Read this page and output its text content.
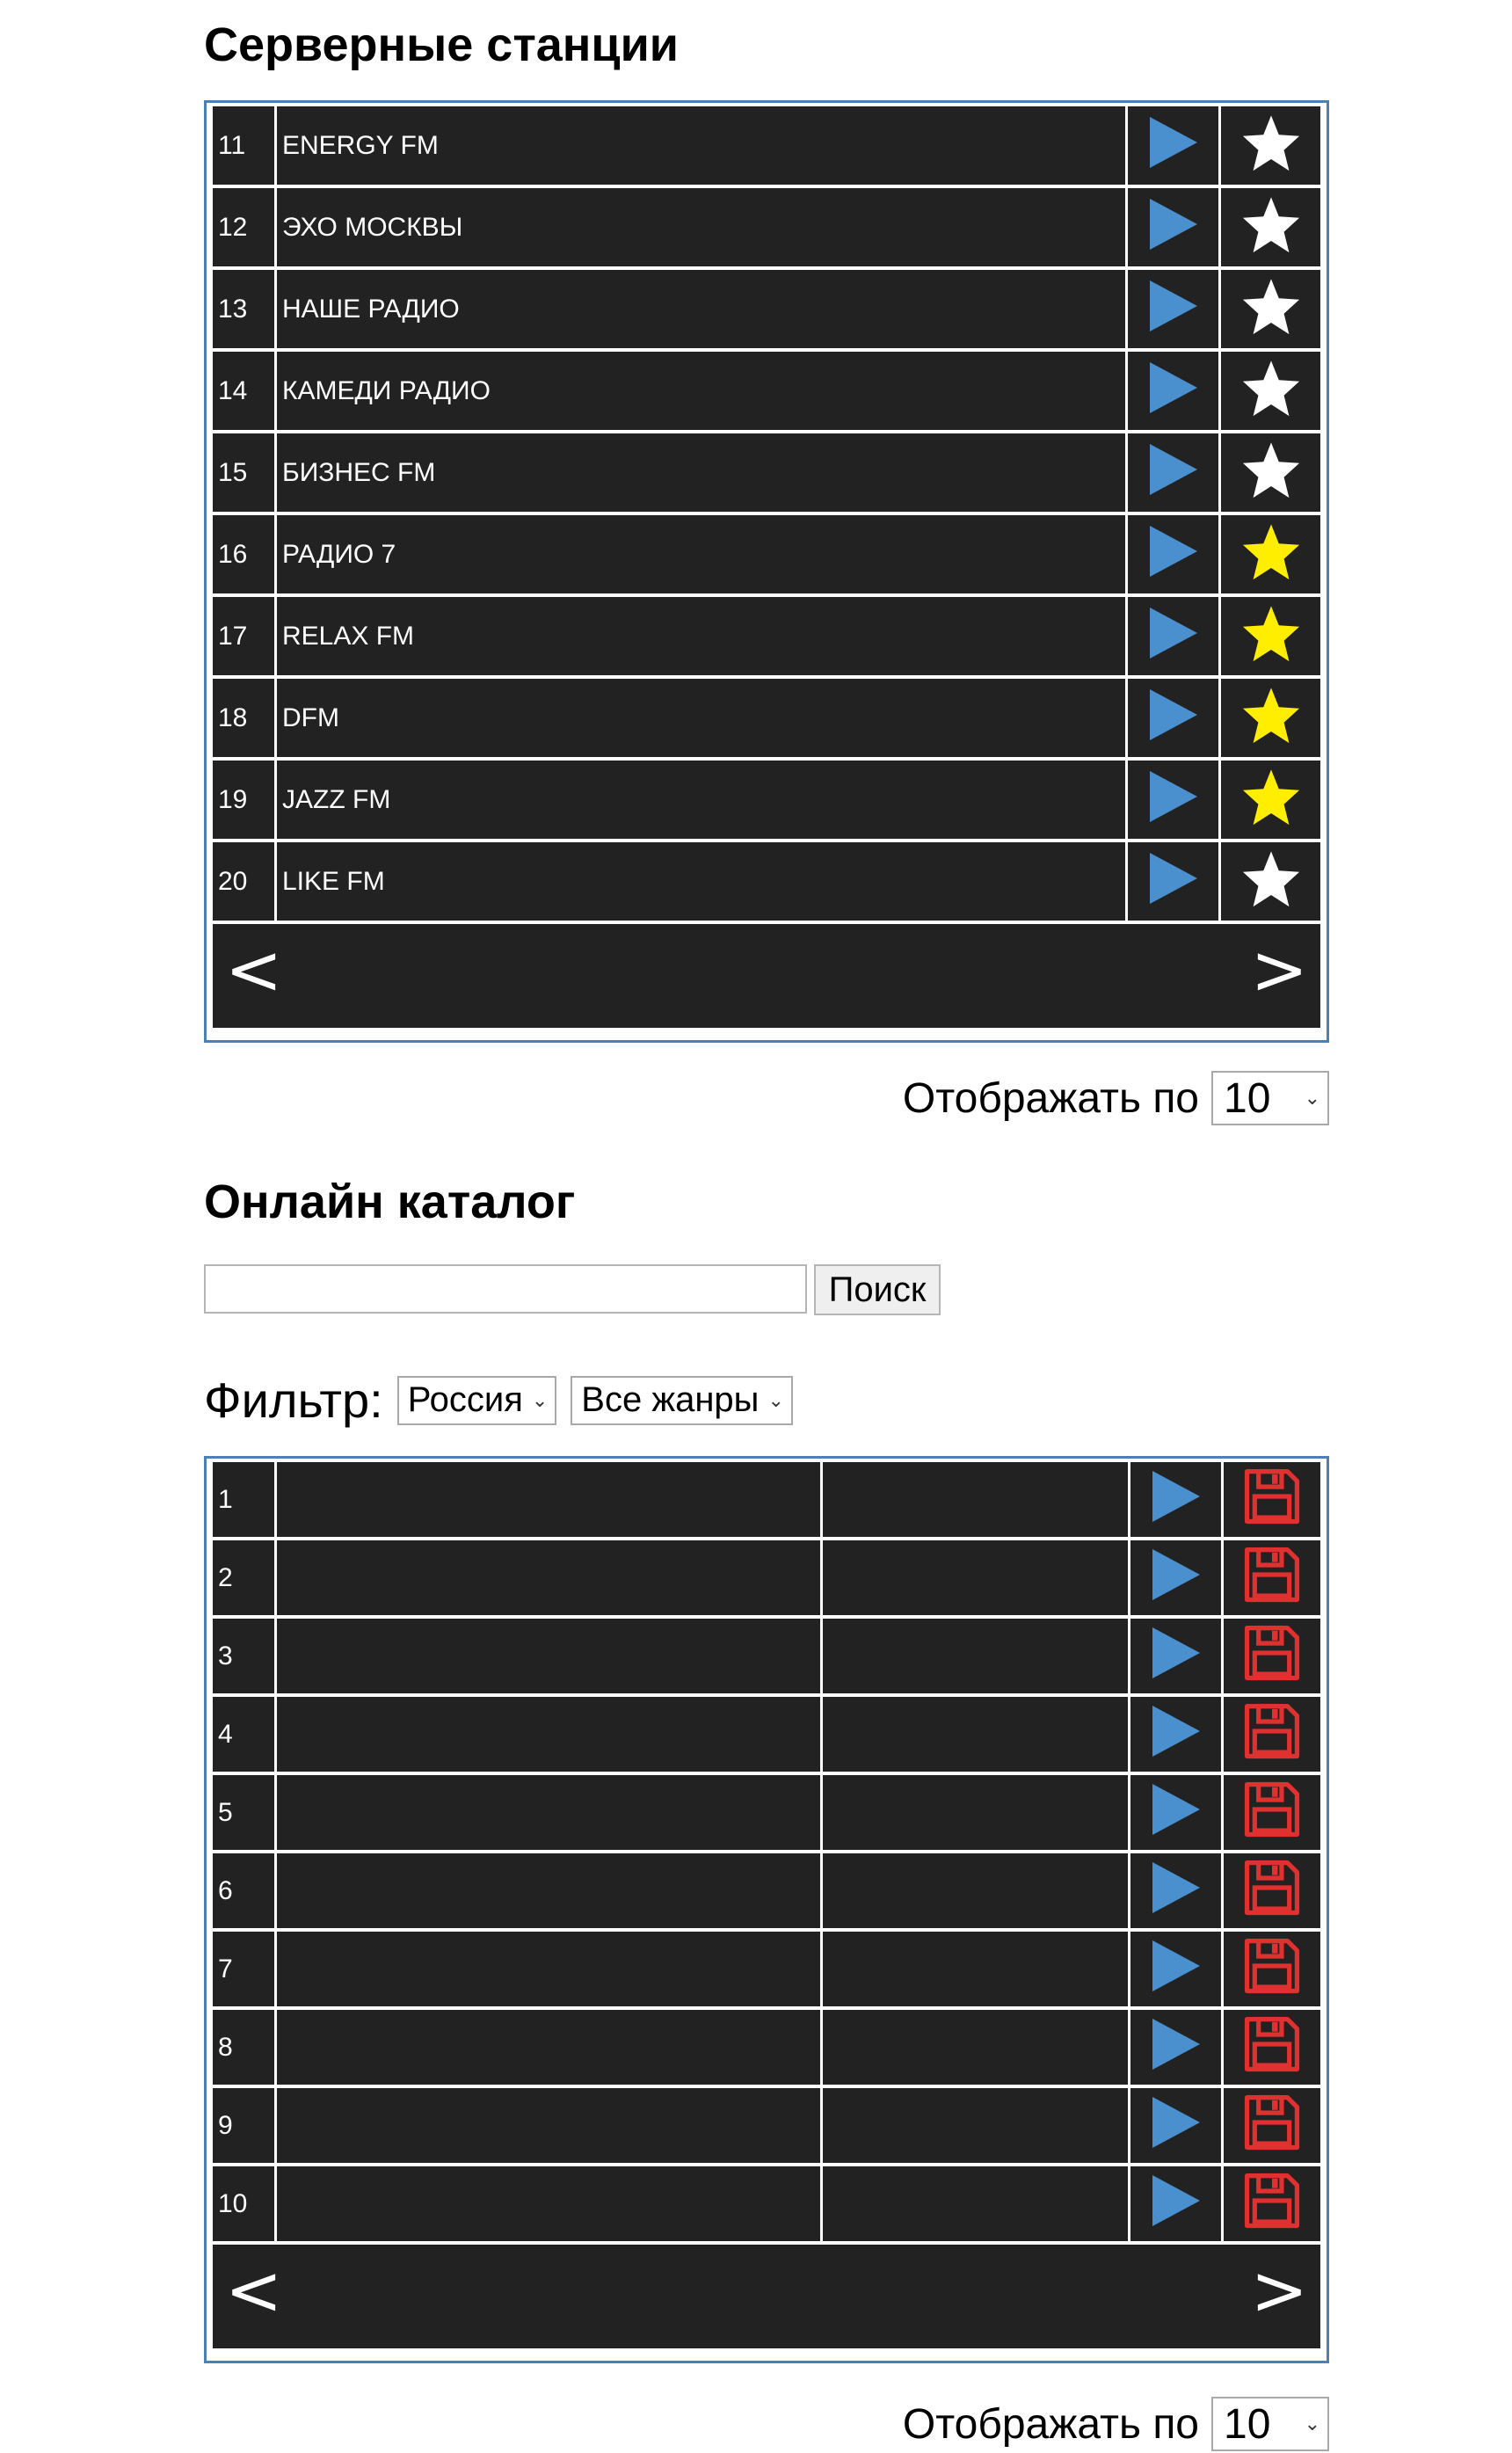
Серверные станции
11	ENERGY FM		
12	ЭХО МОСКВЫ		
13	НАШЕ РАДИО		
14	КАМЕДИ РАДИО		
15	БИЗНЕС FM		
16	РАДИО 7		
17	RELAX FM		
18	DFM		
19	JAZZ FM		
20	LIKE FM		
<	>
Отображать по 10 ⌄
Онлайн каталог
Поиск
Фильтр: Россия ⌄ Все жанры ⌄
1				
2				
3				
4				
5				
6				
7				
8				
9				
10				
<	>
Отображать по 10 ⌄
